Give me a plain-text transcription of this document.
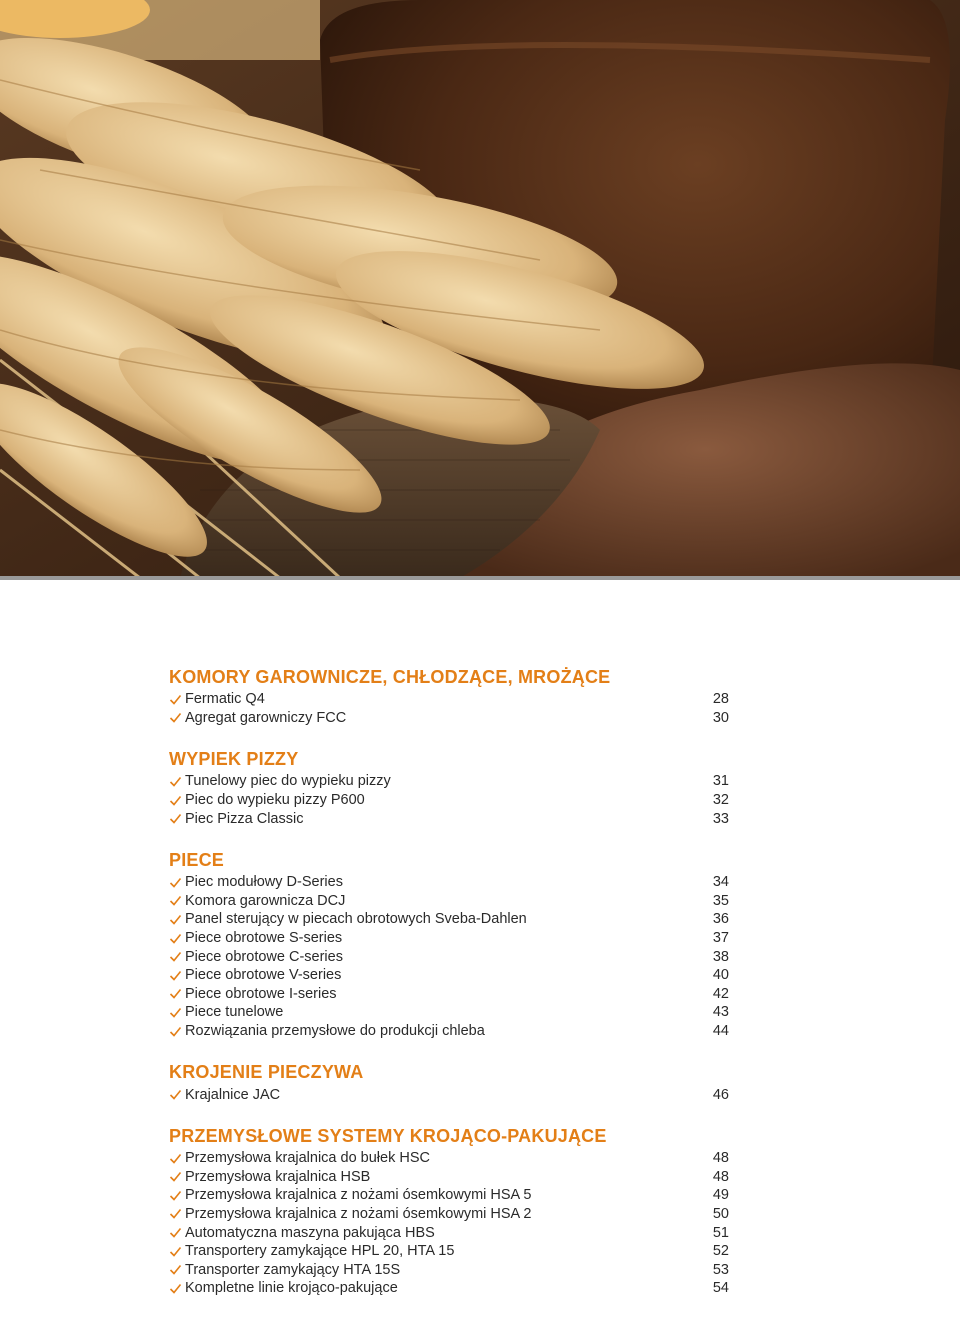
KOMORY GAROWNICZE, CHŁODZĄCE, MROŻĄCE
Fermatic Q4	28
Agregat garowniczy FCC	30
WYPIEK PIZZY
Tunelowy piec do wypieku pizzy	31
Piec do wypieku pizzy P600	32
Piec Pizza Classic	33
PIECE
Piec modułowy D-Series	34
Komora garownicza DCJ	35
Panel sterujący w piecach obrotowych Sveba-Dahlen	36
Piece obrotowe S-series	37
Piece obrotowe C-series	38
Piece obrotowe V-series	40
Piece obrotowe I-series	42
Piece tunelowe	43
Rozwiązania przemysłowe do produkcji chleba	44
KROJENIE PIECZYWA
Krajalnice JAC	46
PRZEMYSŁOWE SYSTEMY KROJĄCO-PAKUJĄCE
Przemysłowa krajalnica do bułek HSC	48
Przemysłowa krajalnica HSB	48
Przemysłowa krajalnica z nożami ósemkowymi HSA 5	49
Przemysłowa krajalnica z nożami ósemkowymi HSA 2	50
Automatyczna maszyna pakująca HBS	51
Transportery zamykające HPL 20, HTA 15	52
Transporter zamykający HTA 15S	53
Kompletne linie krojąco-pakujące	54
